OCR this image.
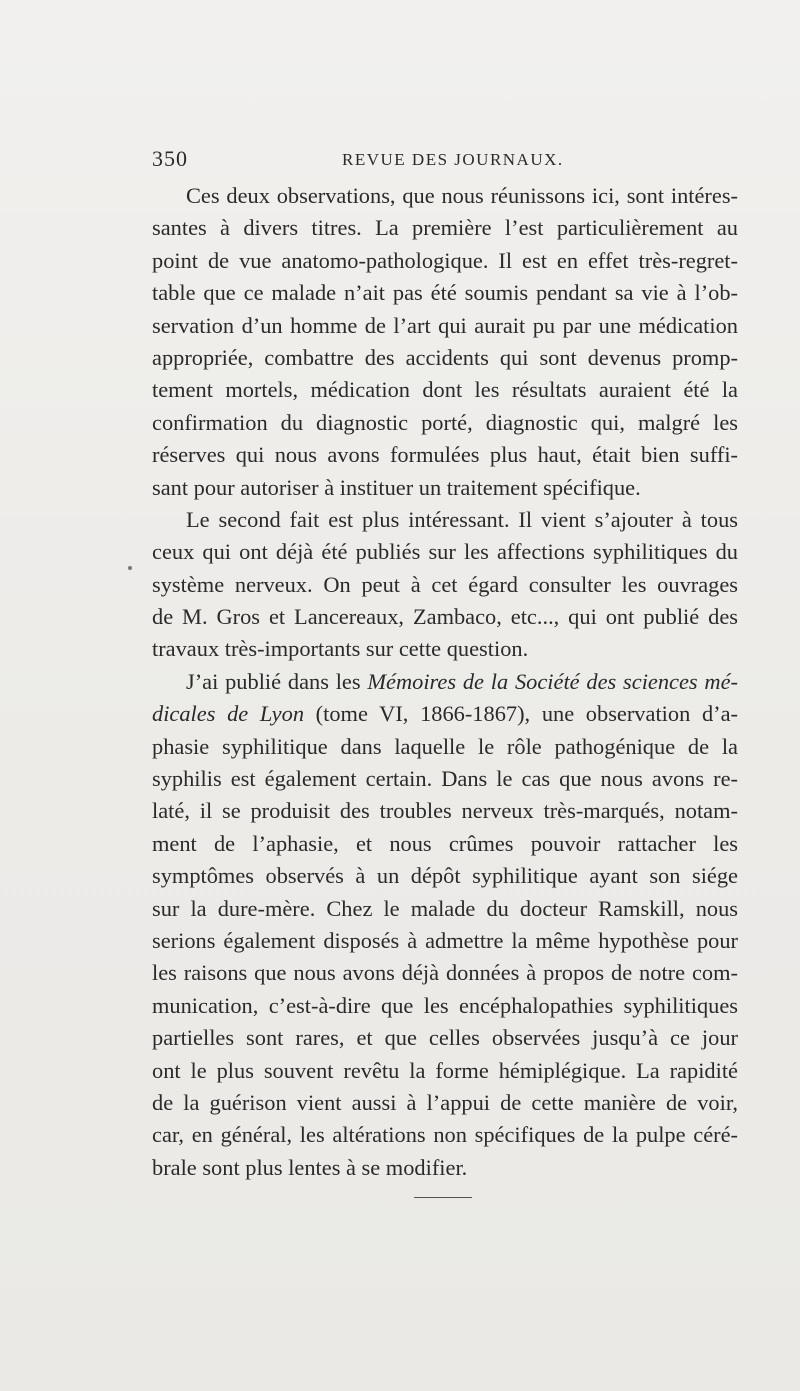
350	REVUE DES JOURNAUX.
Ces deux observations, que nous réunissons ici, sont intéres-
santes à divers titres. La première l’est particulièrement au
point de vue anatomo-pathologique. Il est en effet très-regret-
table que ce malade n’ait pas été soumis pendant sa vie à l’ob-
servation d’un homme de l’art qui aurait pu par une médication
appropriée, combattre des accidents qui sont devenus promp-
tement mortels, médication dont les résultats auraient été la
confirmation du diagnostic porté, diagnostic qui, malgré les
réserves qui nous avons formulées plus haut, était bien suffi-
sant pour autoriser à instituer un traitement spécifique.
Le second fait est plus intéressant. Il vient s’ajouter à tous
ceux qui ont déjà été publiés sur les affections syphilitiques du
système nerveux. On peut à cet égard consulter les ouvrages
de M. Gros et Lancereaux, Zambaco, etc..., qui ont publié des
travaux très-importants sur cette question.
J’ai publié dans les Mémoires de la Société des sciences mé-
dicales de Lyon (tome VI, 1866-1867), une observation d’a-
phasie syphilitique dans laquelle le rôle pathogénique de la
syphilis est également certain. Dans le cas que nous avons re-
laté, il se produisit des troubles nerveux très-marqués, notam-
ment de l’aphasie, et nous crûmes pouvoir rattacher les
symptômes observés à un dépôt syphilitique ayant son siége
sur la dure-mère. Chez le malade du docteur Ramskill, nous
serions également disposés à admettre la même hypothèse pour
les raisons que nous avons déjà données à propos de notre com-
munication, c’est-à-dire que les encéphalopathies syphilitiques
partielles sont rares, et que celles observées jusqu’à ce jour
ont le plus souvent revêtu la forme hémiplégique. La rapidité
de la guérison vient aussi à l’appui de cette manière de voir,
car, en général, les altérations non spécifiques de la pulpe céré-
brale sont plus lentes à se modifier.
